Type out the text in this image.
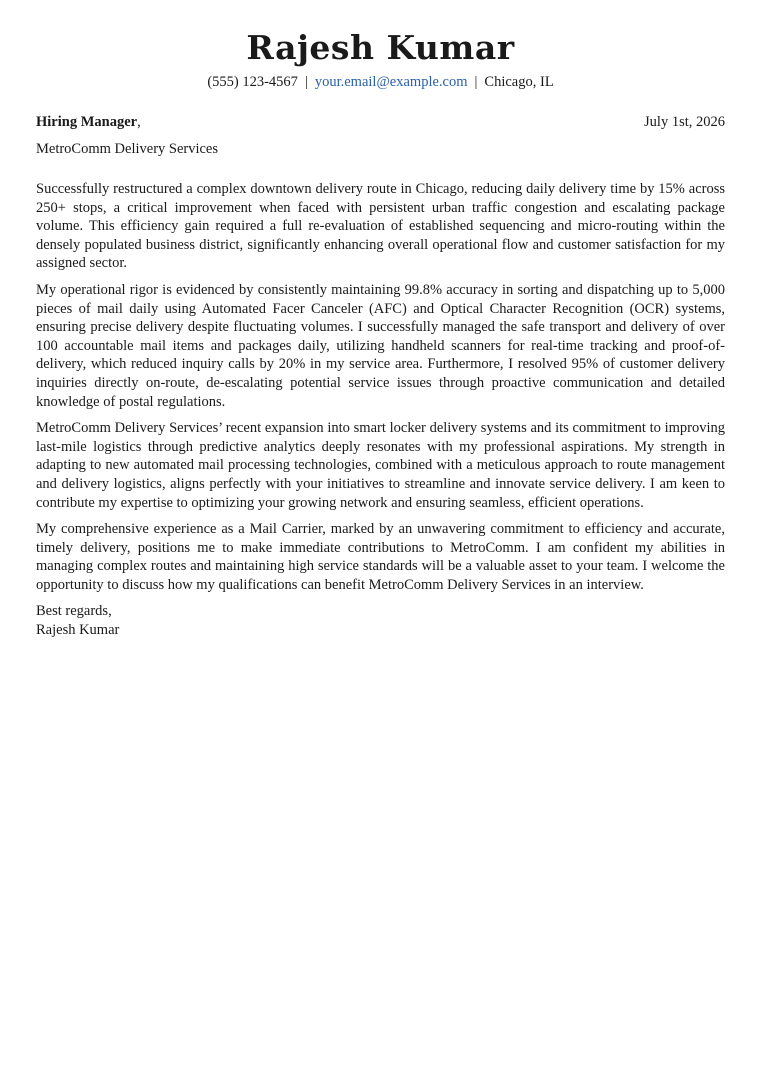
Rajesh Kumar
(555) 123-4567 | your.email@example.com | Chicago, IL
Hiring Manager,	July 1st, 2026
MetroComm Delivery Services

Successfully restructured a complex downtown delivery route in Chicago, reducing daily delivery time by 15% across 250+ stops, a critical improvement when faced with persistent urban traffic congestion and escalating package volume. This efficiency gain required a full re-evaluation of established sequencing and micro-routing within the densely populated business district, significantly enhancing overall operational flow and customer satisfaction for my assigned sector.

My operational rigor is evidenced by consistently maintaining 99.8% accuracy in sorting and dispatching up to 5,000 pieces of mail daily using Automated Facer Canceler (AFC) and Optical Character Recognition (OCR) systems, ensuring precise delivery despite fluctuating volumes. I successfully managed the safe transport and delivery of over 100 accountable mail items and packages daily, utilizing handheld scanners for real-time tracking and proof-of-delivery, which reduced inquiry calls by 20% in my service area. Furthermore, I resolved 95% of customer delivery inquiries directly on-route, de-escalating potential service issues through proactive communication and detailed knowledge of postal regulations.

MetroComm Delivery Services’ recent expansion into smart locker delivery systems and its commitment to improving last-mile logistics through predictive analytics deeply resonates with my professional aspirations. My strength in adapting to new automated mail processing technologies, combined with a meticulous approach to route management and delivery logistics, aligns perfectly with your initiatives to streamline and innovate service delivery. I am keen to contribute my expertise to optimizing your growing network and ensuring seamless, efficient operations.

My comprehensive experience as a Mail Carrier, marked by an unwavering commitment to efficiency and accurate, timely delivery, positions me to make immediate contributions to MetroComm. I am confident my abilities in managing complex routes and maintaining high service standards will be a valuable asset to your team. I welcome the opportunity to discuss how my qualifications can benefit MetroComm Delivery Services in an interview.

Best regards,
Rajesh Kumar
